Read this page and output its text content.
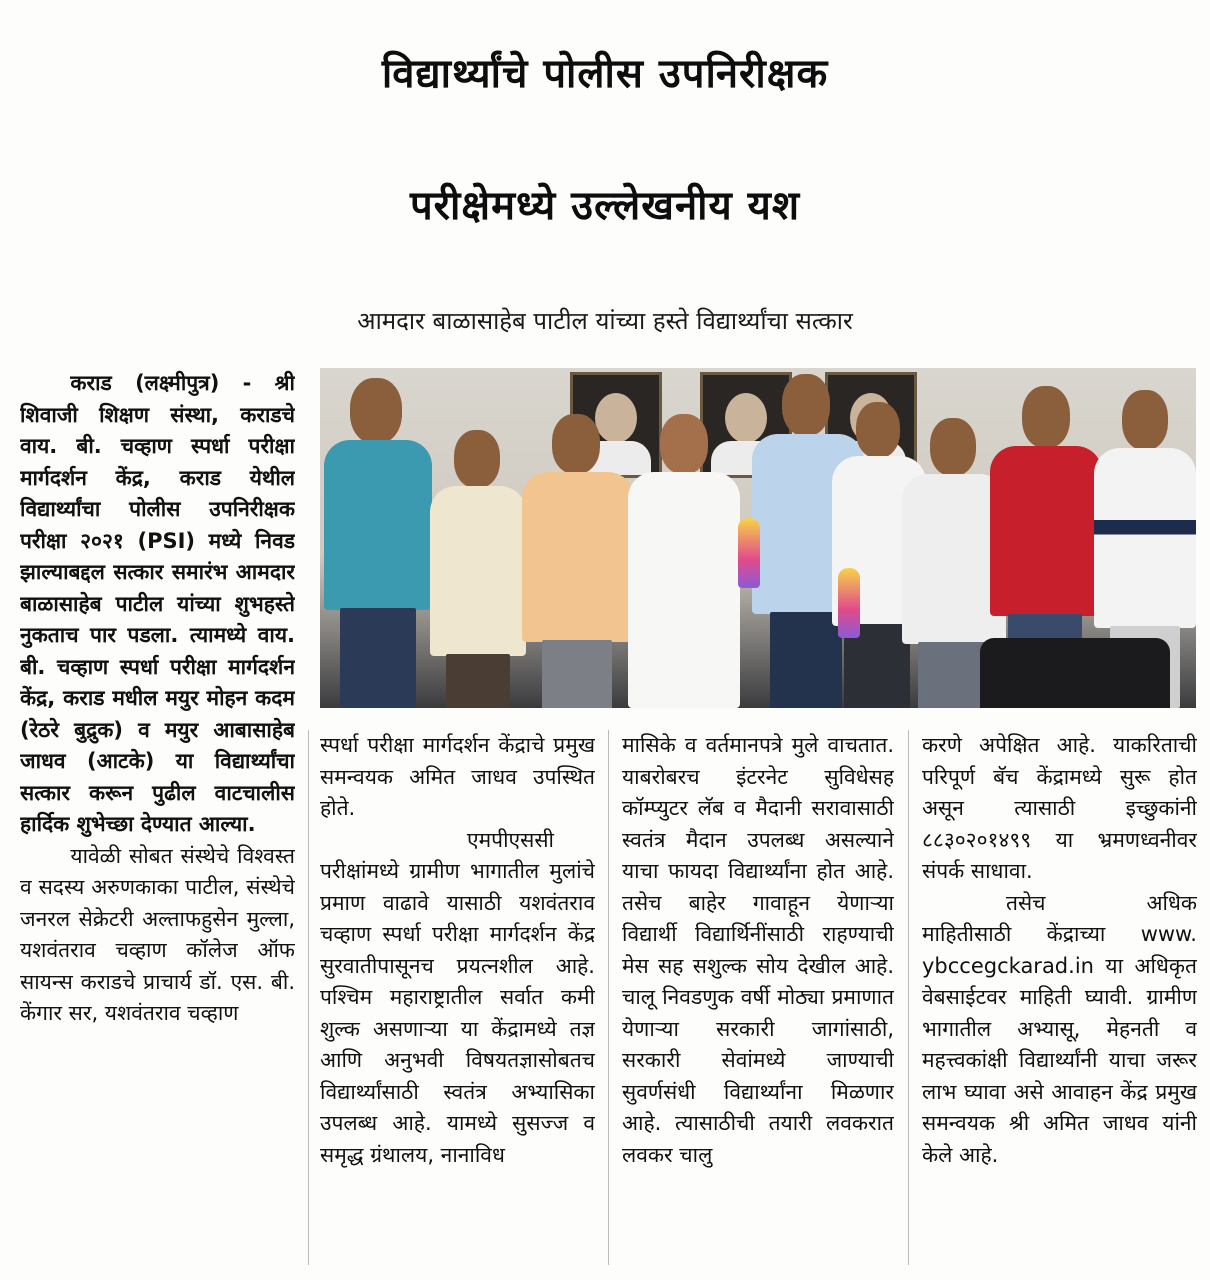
विद्यार्थ्यांचे पोलीस उपनिरीक्षक
परीक्षेमध्ये उल्लेखनीय यश
आमदार बाळासाहेब पाटील यांच्या हस्ते विद्यार्थ्यांचा सत्कार

कराड (लक्ष्मीपुत्र) - श्री शिवाजी शिक्षण संस्था, कराडचे वाय. बी. चव्हाण स्पर्धा परीक्षा मार्गदर्शन केंद्र, कराड येथील विद्यार्थ्यांचा पोलीस उपनिरीक्षक परीक्षा २०२१ (PSI) मध्ये निवड झाल्याबद्दल सत्कार समारंभ आमदार बाळासाहेब पाटील यांच्या शुभहस्ते नुकताच पार पडला. त्यामध्ये वाय. बी. चव्हाण स्पर्धा परीक्षा मार्गदर्शन केंद्र, कराड मधील मयुर मोहन कदम (रेठरे बुद्रुक) व मयुर आबासाहेब जाधव (आटके) या विद्यार्थ्यांचा सत्कार करून पुढील वाटचालीस हार्दिक शुभेच्छा देण्यात आल्या.

यावेळी सोबत संस्थेचे विश्वस्त व सदस्य अरुणकाका पाटील, संस्थेचे जनरल सेक्रेटरी अल्ताफहुसेन मुल्ला, यशवंतराव चव्हाण कॉलेज ऑफ सायन्स कराडचे प्राचार्य डॉ. एस. बी. केंगार सर, यशवंतराव चव्हाण

स्पर्धा परीक्षा मार्गदर्शन केंद्राचे प्रमुख समन्वयक अमित जाधव उपस्थित होते.

एमपीएससी परीक्षांमध्ये ग्रामीण भागातील मुलांचे प्रमाण वाढावे यासाठी यशवंतराव चव्हाण स्पर्धा परीक्षा मार्गदर्शन केंद्र सुरवातीपासूनच प्रयत्नशील आहे. पश्चिम महाराष्ट्रातील सर्वात कमी शुल्क असणाऱ्या या केंद्रामध्ये तज्ञ आणि अनुभवी विषयतज्ञासोबतच विद्यार्थ्यांसाठी स्वतंत्र अभ्यासिका उपलब्ध आहे. यामध्ये सुसज्ज व समृद्ध ग्रंथालय, नानाविध

मासिके व वर्तमानपत्रे मुले वाचतात. याबरोबरच इंटरनेट सुविधेसह कॉम्प्युटर लॅब व मैदानी सरावासाठी स्वतंत्र मैदान उपलब्ध असल्याने याचा फायदा विद्यार्थ्यांना होत आहे. तसेच बाहेर गावाहून येणाऱ्या विद्यार्थी विद्यार्थिनींसाठी राहण्याची मेस सह सशुल्क सोय देखील आहे. चालू निवडणुक वर्षी मोठ्या प्रमाणात येणाऱ्या सरकारी जागांसाठी, सरकारी सेवांमध्ये जाण्याची सुवर्णसंधी विद्यार्थ्यांना मिळणार आहे. त्यासाठीची तयारी लवकरात लवकर चालु

करणे अपेक्षित आहे. याकरिताची परिपूर्ण बॅच केंद्रामध्ये सुरू होत असून त्यासाठी इच्छुकांनी ८८३०२०१४९९ या भ्रमणध्वनीवर संपर्क साधावा.

तसेच अधिक माहितीसाठी केंद्राच्या www. ybccegckarad.in या अधिकृत वेबसाईटवर माहिती घ्यावी. ग्रामीण भागातील अभ्यासू, मेहनती व महत्त्वकांक्षी विद्यार्थ्यांनी याचा जरूर लाभ घ्यावा असे आवाहन केंद्र प्रमुख समन्वयक श्री अमित जाधव यांनी केले आहे.
